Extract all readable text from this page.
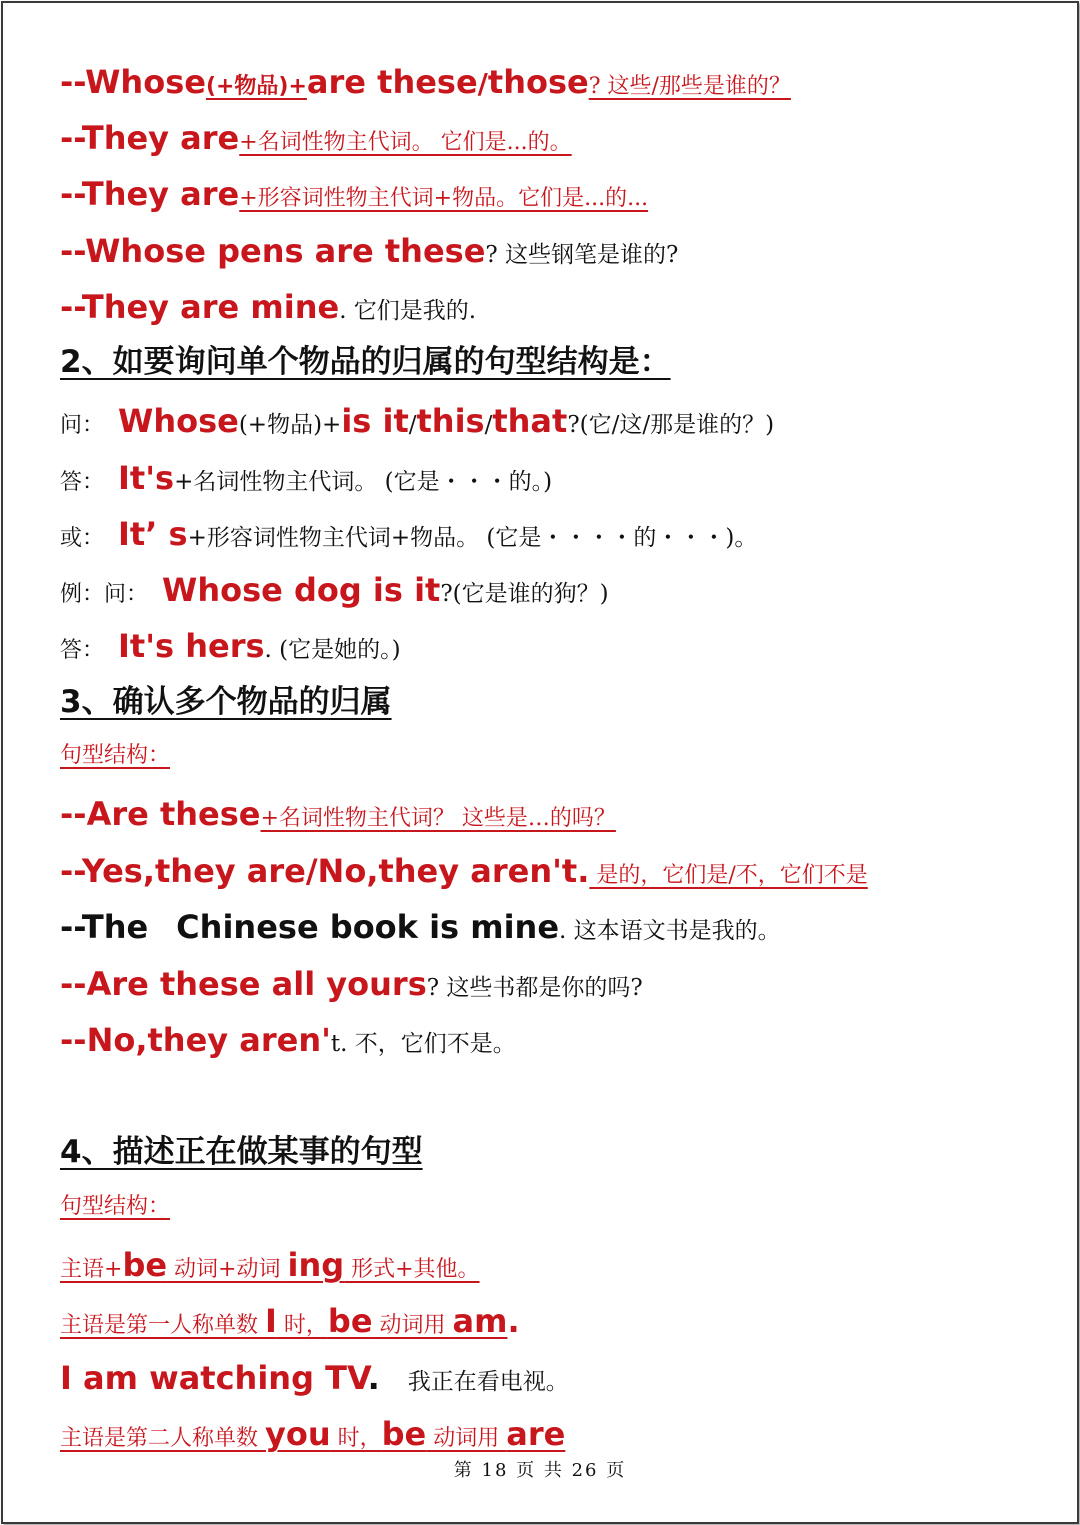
--Whose(+物品)+are these/those? 这些/那些是谁的？
--They are+名词性物主代词。 它们是...的。
--They are+形容词性物主代词+物品。它们是...的...
--Whose pens are these? 这些钢笔是谁的?
--They are mine. 它们是我的.
2、如要询问单个物品的归属的句型结构是：
问： Whose(+物品)+is it/this/that?(它/这/那是谁的？)
答： It's+名词性物主代词。 (它是・・・的。)
或： It’ s+形容词性物主代词+物品。 (它是・・・・的・・・)。
例：问： Whose dog is it?(它是谁的狗？)
答： It's hers. (它是她的。)
3、确认多个物品的归属
句型结构：
--Are these+名词性物主代词？ 这些是…的吗？
--Yes,they are/No,they aren't. 是的，它们是/不，它们不是
--The Chinese book is mine. 这本语文书是我的。
--Are these all yours? 这些书都是你的吗?
--No,they aren't. 不，它们不是。
4、描述正在做某事的句型
句型结构：
主语+be 动词+动词 ing 形式+其他。
主语是第一人称单数 I 时，be 动词用 am.
I am watching TV. 我正在看电视。
主语是第二人称单数 you 时，be 动词用 are
第 18 页 共 26 页
